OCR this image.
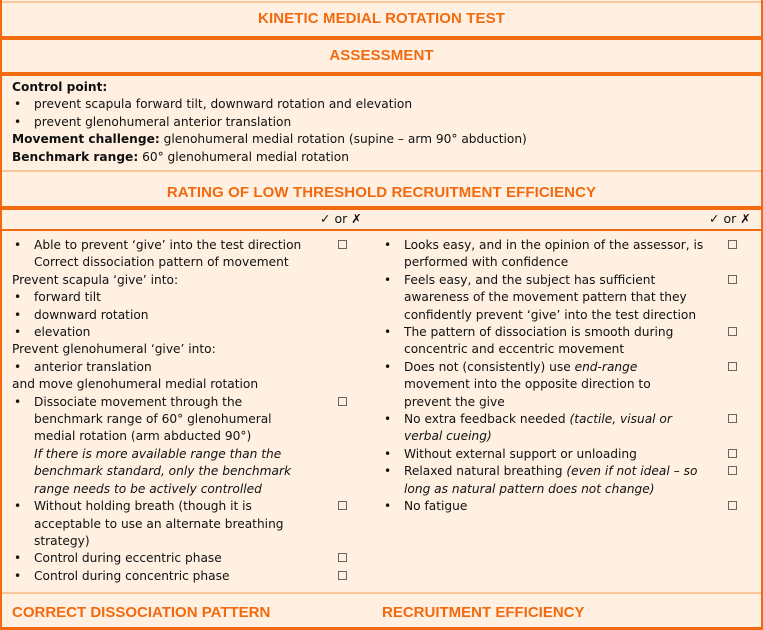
KINETIC MEDIAL ROTATION TEST
ASSESSMENT
Control point:
• prevent scapula forward tilt, downward rotation and elevation
• prevent glenohumeral anterior translation
Movement challenge: glenohumeral medial rotation (supine – arm 90° abduction)
Benchmark range: 60° glenohumeral medial rotation
RATING OF LOW THRESHOLD RECRUITMENT EFFICIENCY
✓ or ✗	✓ or ✗
• Able to prevent ‘give’ into the test direction
Correct dissociation pattern of movement
Prevent scapula ‘give’ into:
• forward tilt
• downward rotation
• elevation
Prevent glenohumeral ‘give’ into:
• anterior translation
and move glenohumeral medial rotation
• Dissociate movement through the benchmark range of 60° glenohumeral medial rotation (arm abducted 90°)
If there is more available range than the benchmark standard, only the benchmark range needs to be actively controlled
• Without holding breath (though it is acceptable to use an alternate breathing strategy)
• Control during eccentric phase
• Control during concentric phase
• Looks easy, and in the opinion of the assessor, is performed with confidence
• Feels easy, and the subject has sufficient awareness of the movement pattern that they confidently prevent ‘give’ into the test direction
• The pattern of dissociation is smooth during concentric and eccentric movement
• Does not (consistently) use end-range movement into the opposite direction to prevent the give
• No extra feedback needed (tactile, visual or verbal cueing)
• Without external support or unloading
• Relaxed natural breathing (even if not ideal – so long as natural pattern does not change)
• No fatigue
CORRECT DISSOCIATION PATTERN	RECRUITMENT EFFICIENCY
